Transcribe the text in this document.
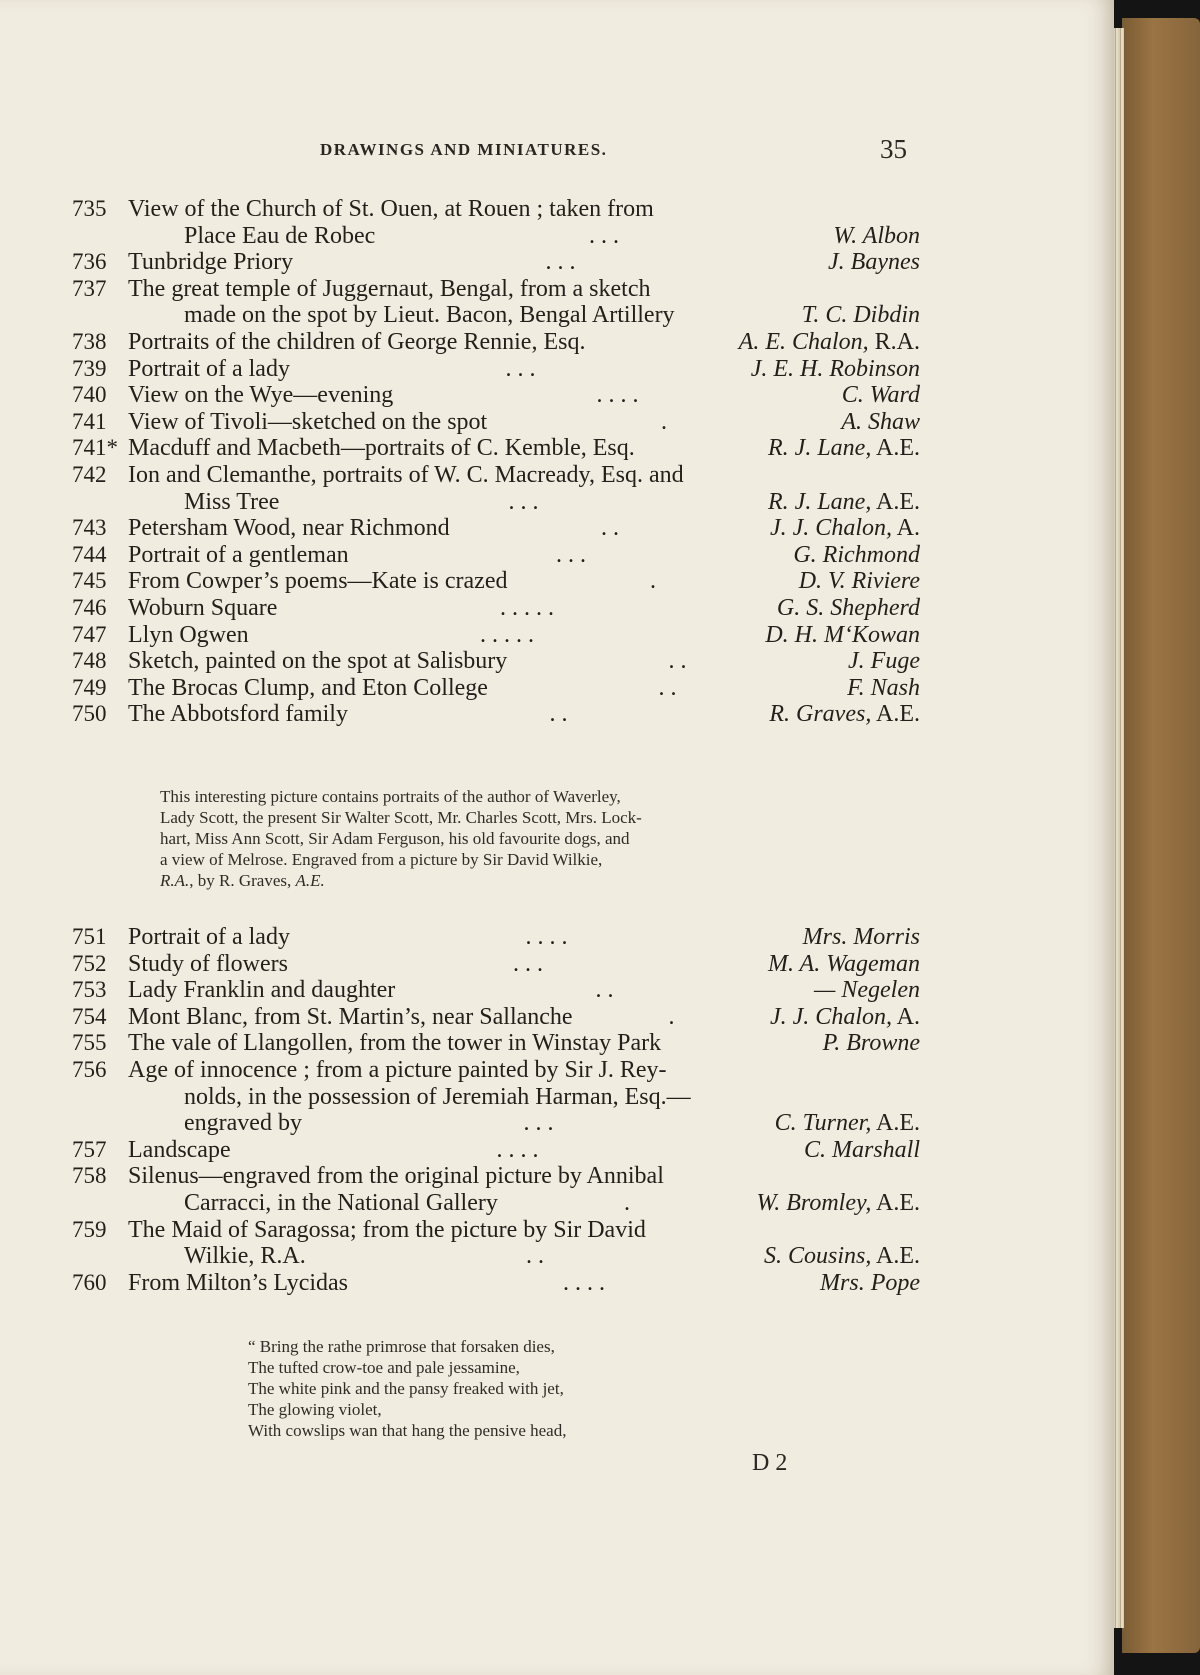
DRAWINGS AND MINIATURES.	35
735 View of the Church of St. Ouen, at Rouen ; taken from
Place Eau de Robec	. . .	W. Albon
736 Tunbridge Priory	. . .	J. Baynes
737 The great temple of Juggernaut, Bengal, from a sketch
made on the spot by Lieut. Bacon, Bengal Artillery	T. C. Dibdin
738 Portraits of the children of George Rennie, Esq.	A. E. Chalon, R.A.
739 Portrait of a lady	. . .	J. E. H. Robinson
740 View on the Wye—evening	. . . .	C. Ward
741 View of Tivoli—sketched on the spot	.	A. Shaw
741* Macduff and Macbeth—portraits of C. Kemble, Esq.	R. J. Lane, A.E.
742 Ion and Clemanthe, portraits of W. C. Macready, Esq. and
Miss Tree	. . .	R. J. Lane, A.E.
743 Petersham Wood, near Richmond	. .	J. J. Chalon, A.
744 Portrait of a gentleman	. . .	G. Richmond
745 From Cowper’s poems—Kate is crazed	.	D. V. Riviere
746 Woburn Square	. . . . .	G. S. Shepherd
747 Llyn Ogwen	. . . . .	D. H. M‘Kowan
748 Sketch, painted on the spot at Salisbury	. .	J. Fuge
749 The Brocas Clump, and Eton College	. .	F. Nash
750 The Abbotsford family	. .	R. Graves, A.E.
This interesting picture contains portraits of the author of Waverley,
Lady Scott, the present Sir Walter Scott, Mr. Charles Scott, Mrs. Lock-
hart, Miss Ann Scott, Sir Adam Ferguson, his old favourite dogs, and
a view of Melrose. Engraved from a picture by Sir David Wilkie,
R.A., by R. Graves, A.E.
751 Portrait of a lady	. . . .	Mrs. Morris
752 Study of flowers	. . .	M. A. Wageman
753 Lady Franklin and daughter	. .	— Negelen
754 Mont Blanc, from St. Martin’s, near Sallanche	.	J. J. Chalon, A.
755 The vale of Llangollen, from the tower in Winstay Park	P. Browne
756 Age of innocence ; from a picture painted by Sir J. Rey-
nolds, in the possession of Jeremiah Harman, Esq.—
engraved by	. . .	C. Turner, A.E.
757 Landscape	. . . .	C. Marshall
758 Silenus—engraved from the original picture by Annibal
Carracci, in the National Gallery	.	W. Bromley, A.E.
759 The Maid of Saragossa; from the picture by Sir David
Wilkie, R.A.	. .	S. Cousins, A.E.
760 From Milton’s Lycidas	. . . .	Mrs. Pope
“ Bring the rathe primrose that forsaken dies,
The tufted crow-toe and pale jessamine,
The white pink and the pansy freaked with jet,
The glowing violet,
With cowslips wan that hang the pensive head,
D 2
